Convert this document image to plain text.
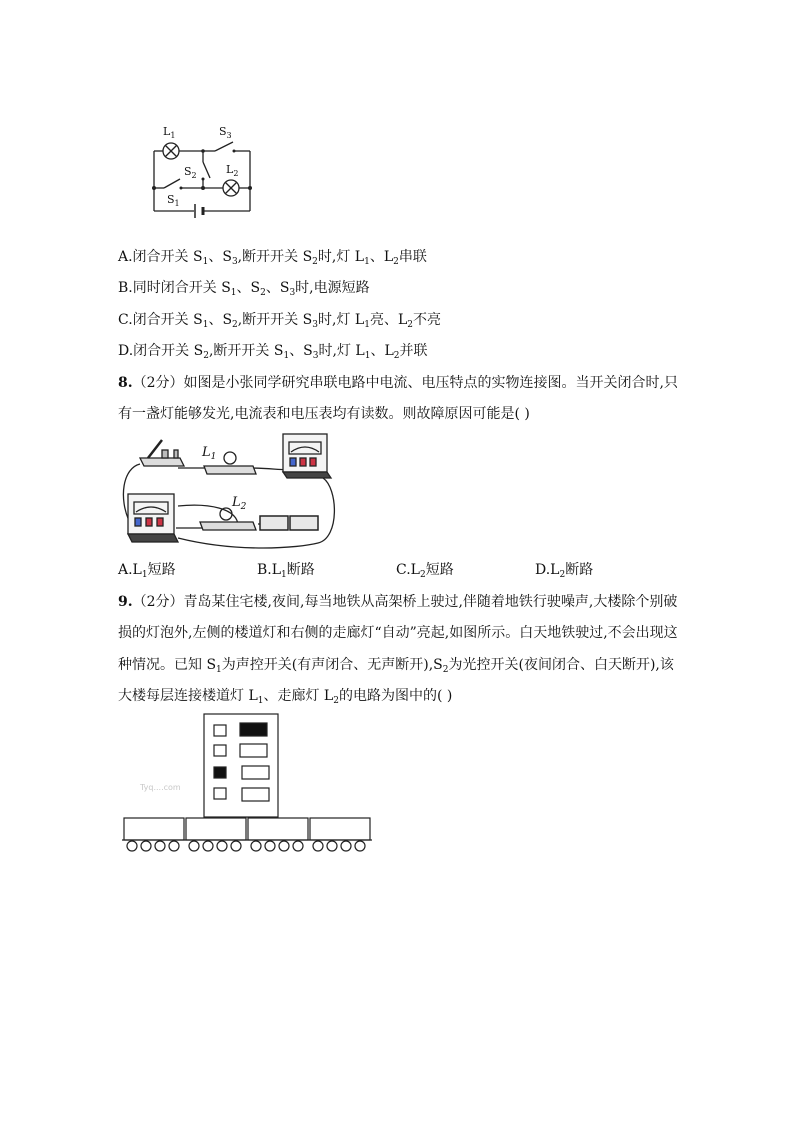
$L_1$	$S_3$
$S_2$	$L_2$
$S_1$
A.闭合开关 $S_1$、$S_3$,断开开关 $S_2$时,灯 $L_1$、$L_2$串联
B.同时闭合开关 $S_1$、$S_2$、$S_3$时,电源短路
C.闭合开关 $S_1$、$S_2$,断开开关 $S_3$时,灯 $L_1$亮、$L_2$不亮
D.闭合开关 $S_2$,断开开关 $S_1$、$S_3$时,灯 $L_1$、$L_2$并联
8.（2分）如图是小张同学研究串联电路中电流、电压特点的实物连接图。当开关闭合时,只
有一盏灯能够发光,电流表和电压表均有读数。则故障原因可能是( )
$L_1$
$L_2$
$A.L_1$短路	$B.L_1$断路	$C.L_2$短路	$D.L_2$断路
9.（2分）青岛某住宅楼,夜间,每当地铁从高架桥上驶过,伴随着地铁行驶噪声,大楼除个别破
损的灯泡外,左侧的楼道灯和右侧的走廊灯“自动”亮起,如图所示。白天地铁驶过,不会出现这
种情况。已知 $S_1$为声控开关(有声闭合、无声断开)$,S_2$为光控开关(夜间闭合、白天断开),该
大楼每层连接楼道灯 $L_1$、走廊灯 $L_2$的电路为图中的( )
Tyq....com
